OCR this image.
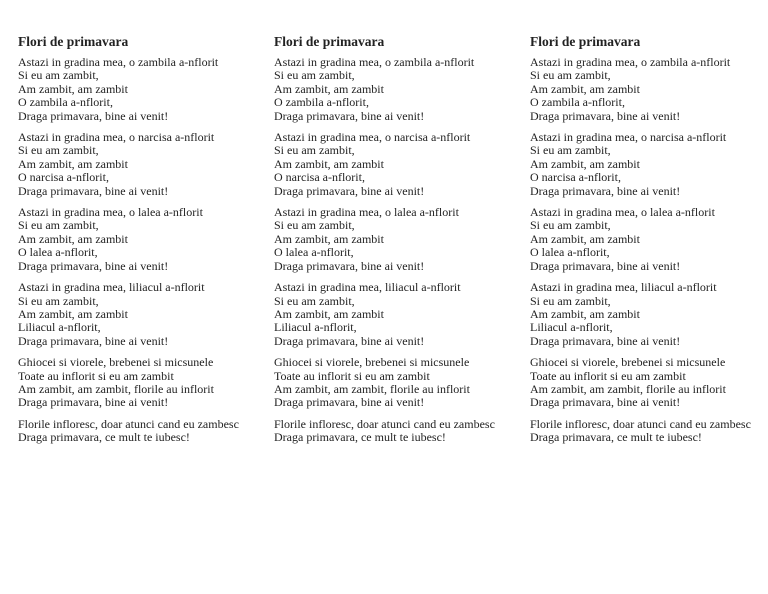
Flori de primavara
Astazi in gradina mea, o zambila a-nflorit
Si eu am zambit,
Am zambit, am zambit
O zambila a-nflorit,
Draga primavara, bine ai venit!
Astazi in gradina mea, o narcisa a-nflorit
Si eu am zambit,
Am zambit, am zambit
O narcisa a-nflorit,
Draga primavara, bine ai venit!
Astazi in gradina mea, o lalea a-nflorit
Si eu am zambit,
Am zambit, am zambit
O lalea a-nflorit,
Draga primavara, bine ai venit!
Astazi in gradina mea, liliacul a-nflorit
Si eu am zambit,
Am zambit, am zambit
Liliacul a-nflorit,
Draga primavara, bine ai venit!
Ghiocei si viorele, brebenei si micsunele
Toate au inflorit si eu am zambit
Am zambit, am zambit, florile au inflorit
Draga primavara, bine ai venit!
Florile infloresc, doar atunci cand eu zambesc
Draga primavara, ce mult te iubesc!
Flori de primavara
Astazi in gradina mea, o zambila a-nflorit
Si eu am zambit,
Am zambit, am zambit
O zambila a-nflorit,
Draga primavara, bine ai venit!
Astazi in gradina mea, o narcisa a-nflorit
Si eu am zambit,
Am zambit, am zambit
O narcisa a-nflorit,
Draga primavara, bine ai venit!
Astazi in gradina mea, o lalea a-nflorit
Si eu am zambit,
Am zambit, am zambit
O lalea a-nflorit,
Draga primavara, bine ai venit!
Astazi in gradina mea, liliacul a-nflorit
Si eu am zambit,
Am zambit, am zambit
Liliacul a-nflorit,
Draga primavara, bine ai venit!
Ghiocei si viorele, brebenei si micsunele
Toate au inflorit si eu am zambit
Am zambit, am zambit, florile au inflorit
Draga primavara, bine ai venit!
Florile infloresc, doar atunci cand eu zambesc
Draga primavara, ce mult te iubesc!
Flori de primavara
Astazi in gradina mea, o zambila a-nflorit
Si eu am zambit,
Am zambit, am zambit
O zambila a-nflorit,
Draga primavara, bine ai venit!
Astazi in gradina mea, o narcisa a-nflorit
Si eu am zambit,
Am zambit, am zambit
O narcisa a-nflorit,
Draga primavara, bine ai venit!
Astazi in gradina mea, o lalea a-nflorit
Si eu am zambit,
Am zambit, am zambit
O lalea a-nflorit,
Draga primavara, bine ai venit!
Astazi in gradina mea, liliacul a-nflorit
Si eu am zambit,
Am zambit, am zambit
Liliacul a-nflorit,
Draga primavara, bine ai venit!
Ghiocei si viorele, brebenei si micsunele
Toate au inflorit si eu am zambit
Am zambit, am zambit, florile au inflorit
Draga primavara, bine ai venit!
Florile infloresc, doar atunci cand eu zambesc
Draga primavara, ce mult te iubesc!
